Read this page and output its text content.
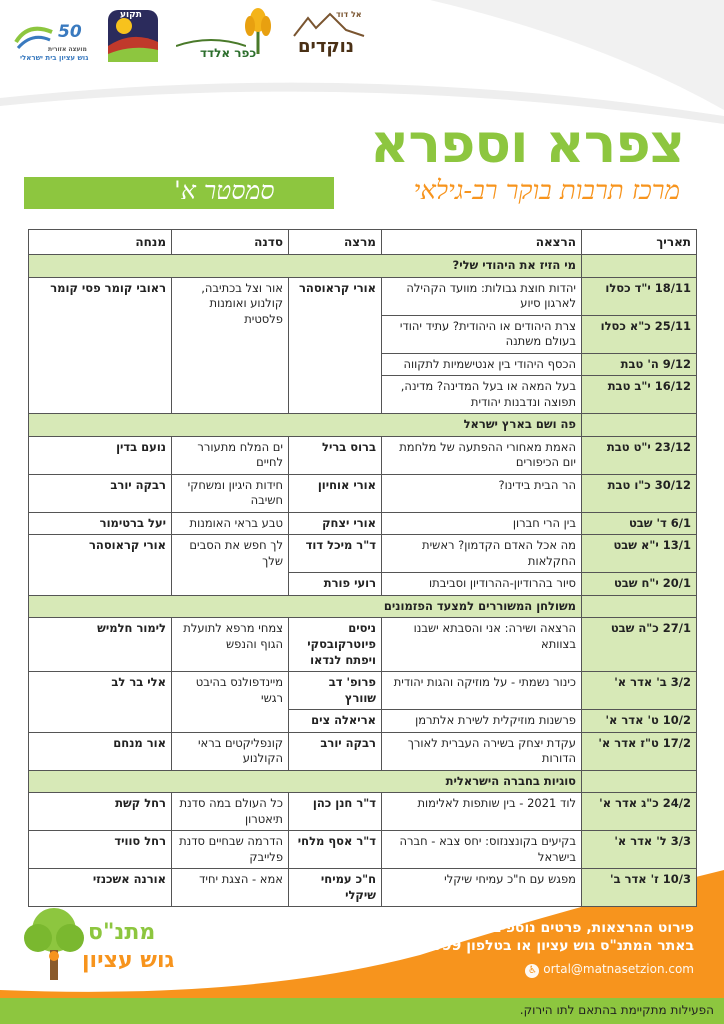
50
מועצה אזורית
גוש עציון בית ישראלי
תקוע
כפר אלדד
אל דוד
נוקדים
צפרא וספרא
מרכז תרבות בוקר רב-גילאי
סמסטר א'
תאריך	הרצאה	מרצה	סדנה	מנחה
	מי הזיז את היהודי שלי?			
18/11 י"ד כסלו	יהדות חוצת גבולות: מוועד הקהילה לארגון סיוע	אורי קראוסהר	אור וצל בכתיבה, קולנוע ואומנות פלסטית	ראובי קומר פסי קומר
25/11 כ"א כסלו	צרת היהודים או היהודית? עתיד יהודי בעולם משתנה			
9/12 ה' טבת	הכסף היהודי בין אנטישמיות לתקווה			
16/12 י"ב טבת	בעל המאה או בעל המדינה? מדינה, תפוצה ונדבנות יהודית			
	פה ושם בארץ ישראל			
23/12 י"ט טבת	האמת מאחורי ההפתעה של מלחמת יום הכיפורים	ברוס בריל	ים המלח מתעורר לחיים	נועם בדין
30/12 כ"ו טבת	הר הבית בידינו?	אורי אוחיון	חידות היגיון ומשחקי חשיבה	רבקה יורב
6/1 ד' שבט	בין הרי חברון	אורי יצחק	טבע בראי האומנות	יעל ברטימור
13/1 י"א שבט	מה אכל האדם הקדמון? ראשית החקלאות	ד"ר מיכל דוד	לך חפש את הסבים שלך	אורי קראוסהר
20/1 י"ח שבט	סיור בהרודיון-ההרודיון וסביבתו	רועי פורת		
	משולחן המשוררים למצעד הפזמונים			
27/1 כ"ה שבט	הרצאה ושירה: אני והסבתא ישבנו בצוותא	ניסים פיוטרקובסקי ויפתח לנדאו	צמחי מרפא לתועלת הגוף והנפש	לימור חלמיש
3/2 ב' אדר א'	כינור נשמתי - על מוזיקה והגות יהודית	פרופ' דב שוורץ	מיינדפולנס בהיבט רגשי	אלי בר לב
10/2 ט' אדר א'	פרשנות מוזיקלית לשירת אלתרמן	אריאלה צים		
17/2 ט"ז אדר א'	עקדת יצחק בשירה העברית לאורך הדורות	רבקה יורב	קונפליקטים בראי הקולנוע	אור מנחם
	סוגיות בחברה הישראלית			
24/2 כ"ג אדר א'	לוד 2021 - בין שותפות לאלימות	ד"ר חנן כהן	כל העולם במה סדנת תיאטרון	רחל קשת
3/3 ל' אדר א'	בקיעים בקונצנזוס: יחס צבא - חברה בישראל	ד"ר אסף מלחי	הדרמה שבחיים סדנת פלייבק	רחל סוויד
10/3 ז' אדר ב'	מפגש עם ח"כ עמיחי שיקלי	ח"כ עמיחי שיקלי	אמא - הצגת יחיד	אורנה אשכנזי
מתנ"ס
גוש עציון
פירוט ההרצאות, פרטים נוספים והרשמה:
באתר המתנ"ס גוש עציון או בטלפון 02-9937999
ortal@matnasetzion.com ♿
הפעילות מתקיימת בהתאם לתו הירוק.
